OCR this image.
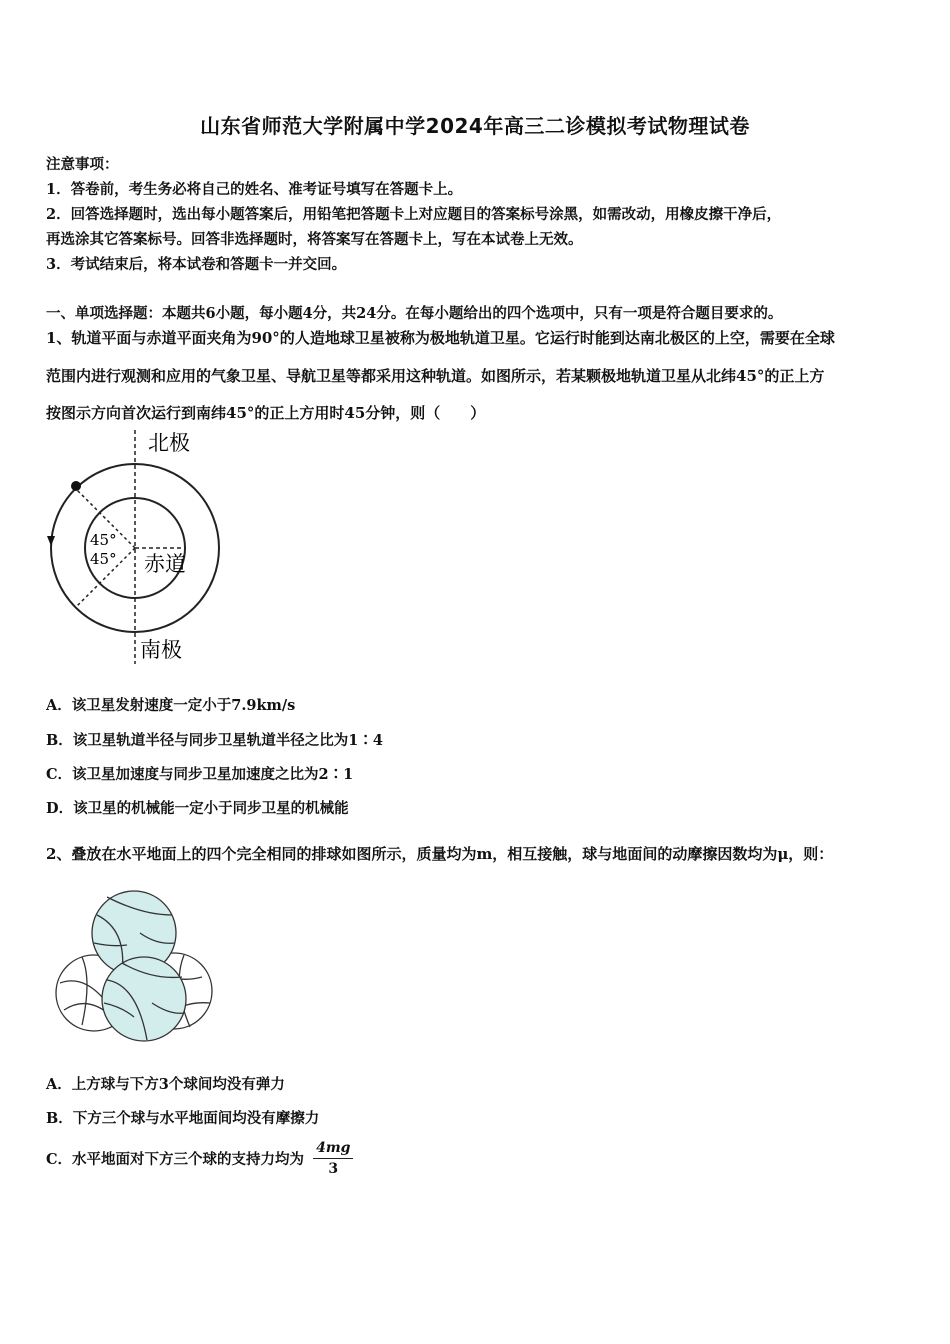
山东省师范大学附属中学2024年高三二诊模拟考试物理试卷
注意事项：
1．答卷前，考生务必将自己的姓名、准考证号填写在答题卡上。
2．回答选择题时，选出每小题答案后，用铅笔把答题卡上对应题目的答案标号涂黑，如需改动，用橡皮擦干净后，
再选涂其它答案标号。回答非选择题时，将答案写在答题卡上，写在本试卷上无效。
3．考试结束后，将本试卷和答题卡一并交回。
一、单项选择题：本题共6小题，每小题4分，共24分。在每小题给出的四个选项中，只有一项是符合题目要求的。
1、轨道平面与赤道平面夹角为90°的人造地球卫星被称为极地轨道卫星。它运行时能到达南北极区的上空，需要在全球
范围内进行观测和应用的气象卫星、导航卫星等都采用这种轨道。如图所示，若某颗极地轨道卫星从北纬45°的正上方
按图示方向首次运行到南纬45°的正上方用时45分钟，则（　　）
北极
南极
赤道
45°
45°
A．该卫星发射速度一定小于7.9km/s
B．该卫星轨道半径与同步卫星轨道半径之比为1∶4
C．该卫星加速度与同步卫星加速度之比为2∶1
D．该卫星的机械能一定小于同步卫星的机械能
2、叠放在水平地面上的四个完全相同的排球如图所示，质量均为m，相互接触，球与地面间的动摩擦因数均为μ，则：
A．上方球与下方3个球间均没有弹力
B．下方三个球与水平地面间均没有摩擦力
C．水平地面对下方三个球的支持力均为 $\frac{4mg}{3}$
